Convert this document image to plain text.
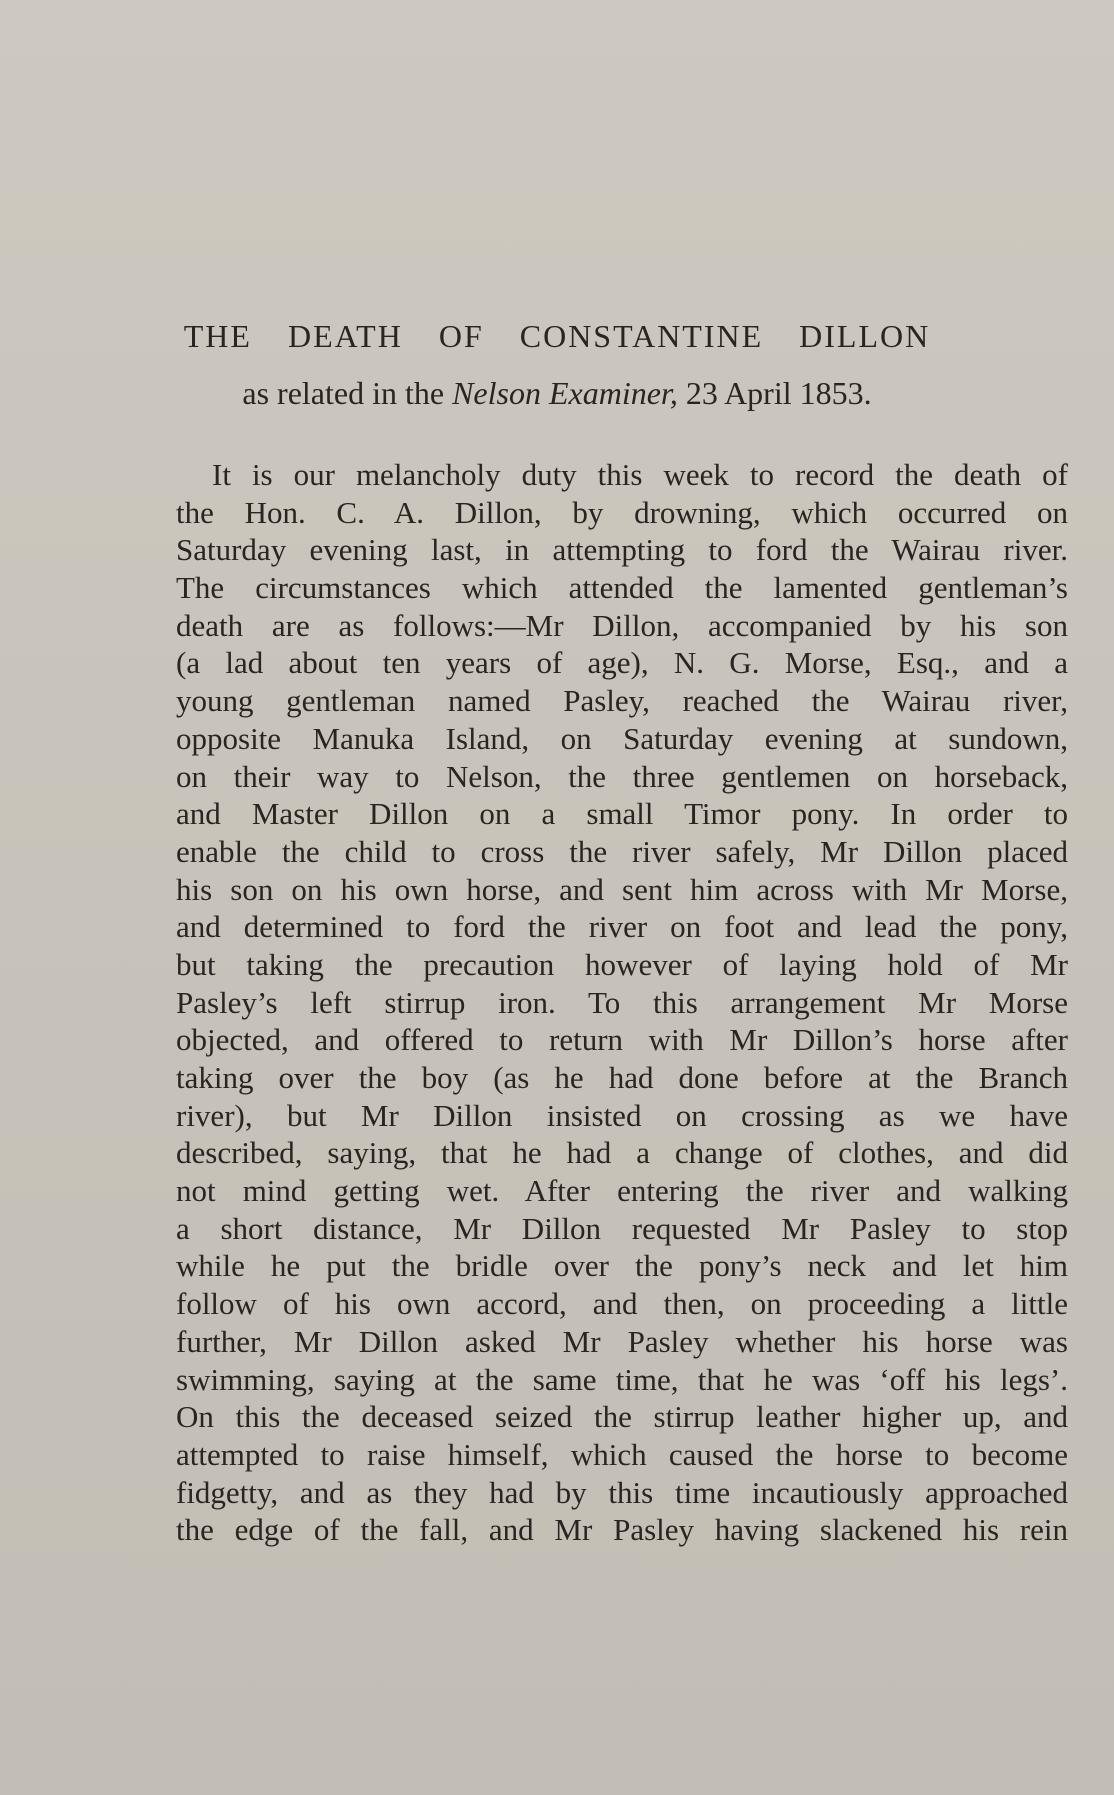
THE DEATH OF CONSTANTINE DILLON
as related in the Nelson Examiner, 23 April 1853.
It is our melancholy duty this week to record the death of
the Hon. C. A. Dillon, by drowning, which occurred on
Saturday evening last, in attempting to ford the Wairau river.
The circumstances which attended the lamented gentleman’s
death are as follows:—Mr Dillon, accompanied by his son
(a lad about ten years of age), N. G. Morse, Esq., and a
young gentleman named Pasley, reached the Wairau river,
opposite Manuka Island, on Saturday evening at sundown,
on their way to Nelson, the three gentlemen on horseback,
and Master Dillon on a small Timor pony. In order to
enable the child to cross the river safely, Mr Dillon placed
his son on his own horse, and sent him across with Mr Morse,
and determined to ford the river on foot and lead the pony,
but taking the precaution however of laying hold of Mr
Pasley’s left stirrup iron. To this arrangement Mr Morse
objected, and offered to return with Mr Dillon’s horse after
taking over the boy (as he had done before at the Branch
river), but Mr Dillon insisted on crossing as we have
described, saying, that he had a change of clothes, and did
not mind getting wet. After entering the river and walking
a short distance, Mr Dillon requested Mr Pasley to stop
while he put the bridle over the pony’s neck and let him
follow of his own accord, and then, on proceeding a little
further, Mr Dillon asked Mr Pasley whether his horse was
swimming, saying at the same time, that he was ‘off his legs’.
On this the deceased seized the stirrup leather higher up, and
attempted to raise himself, which caused the horse to become
fidgetty, and as they had by this time incautiously approached
the edge of the fall, and Mr Pasley having slackened his rein
